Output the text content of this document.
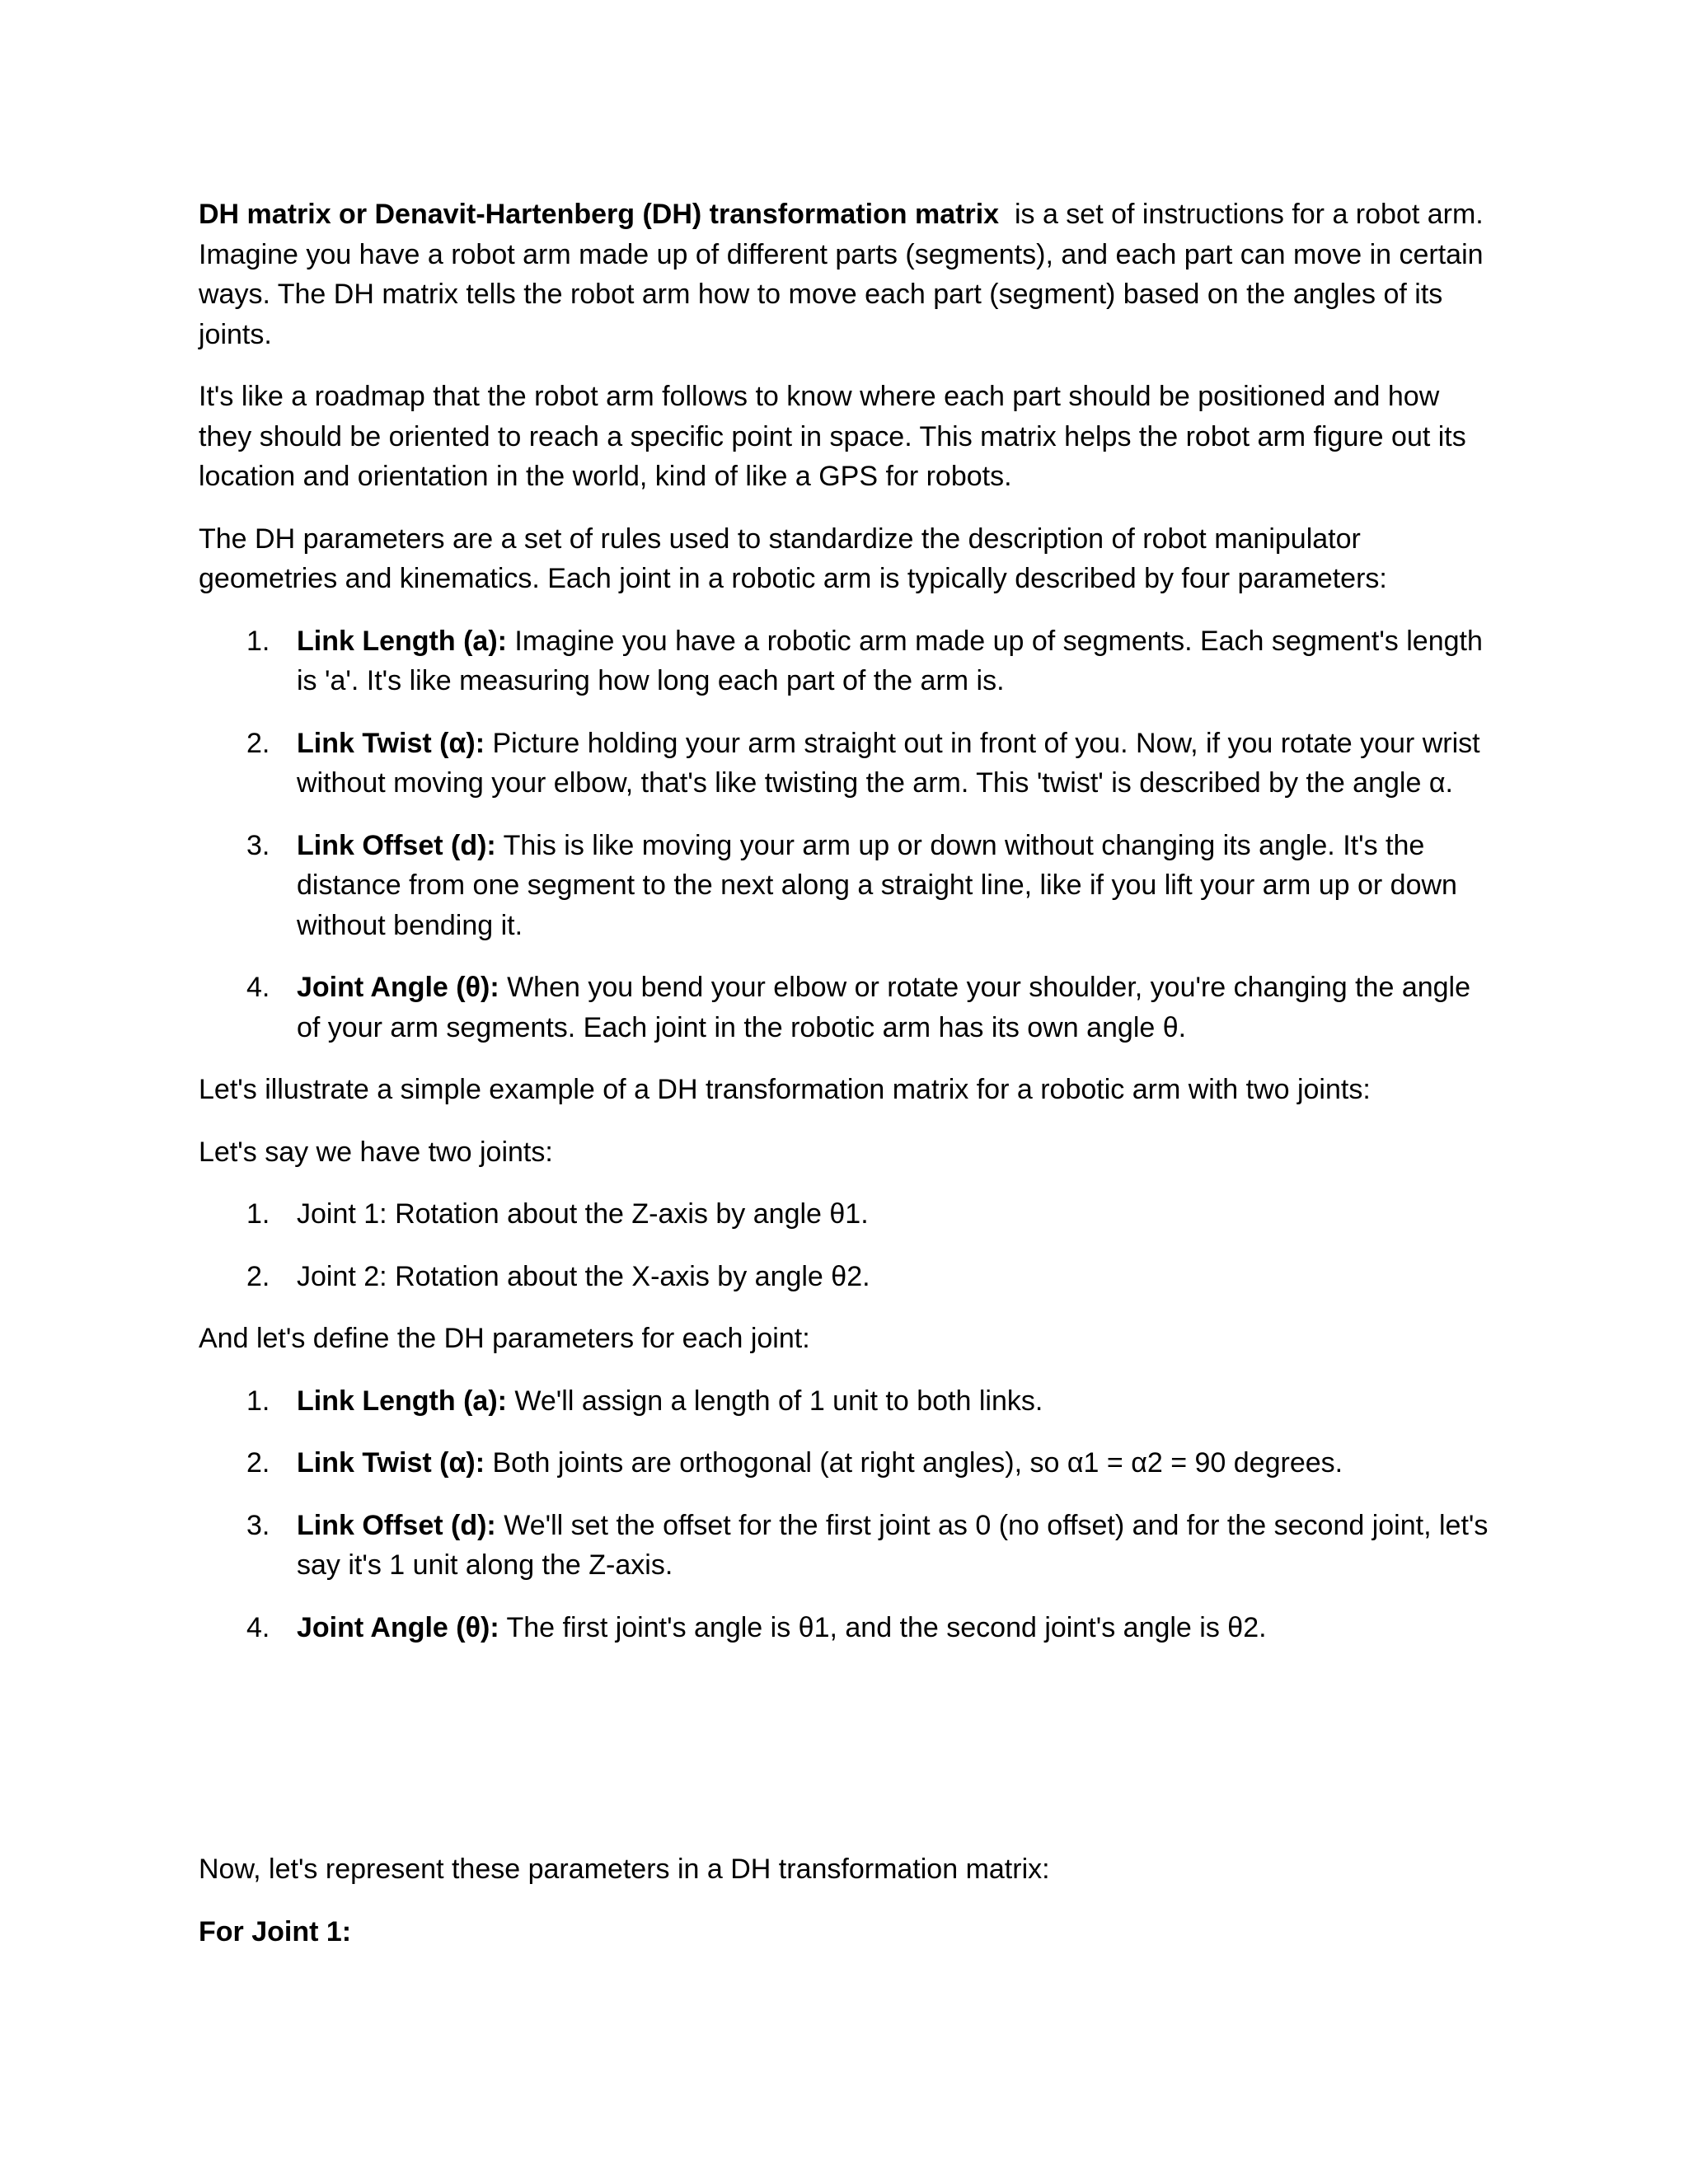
DH matrix or Denavit-Hartenberg (DH) transformation matrix  is a set of instructions for a robot arm. Imagine you have a robot arm made up of different parts (segments), and each part can move in certain ways. The DH matrix tells the robot arm how to move each part (segment) based on the angles of its joints.

It's like a roadmap that the robot arm follows to know where each part should be positioned and how they should be oriented to reach a specific point in space. This matrix helps the robot arm figure out its location and orientation in the world, kind of like a GPS for robots.

The DH parameters are a set of rules used to standardize the description of robot manipulator geometries and kinematics. Each joint in a robotic arm is typically described by four parameters:

1. Link Length (a): Imagine you have a robotic arm made up of segments. Each segment's length is 'a'. It's like measuring how long each part of the arm is.
2. Link Twist (α): Picture holding your arm straight out in front of you. Now, if you rotate your wrist without moving your elbow, that's like twisting the arm. This 'twist' is described by the angle α.
3. Link Offset (d): This is like moving your arm up or down without changing its angle. It's the distance from one segment to the next along a straight line, like if you lift your arm up or down without bending it.
4. Joint Angle (θ): When you bend your elbow or rotate your shoulder, you're changing the angle of your arm segments. Each joint in the robotic arm has its own angle θ.

Let's illustrate a simple example of a DH transformation matrix for a robotic arm with two joints:

Let's say we have two joints:

1. Joint 1: Rotation about the Z-axis by angle θ1.
2. Joint 2: Rotation about the X-axis by angle θ2.

And let's define the DH parameters for each joint:

1. Link Length (a): We'll assign a length of 1 unit to both links.
2. Link Twist (α): Both joints are orthogonal (at right angles), so α1 = α2 = 90 degrees.
3. Link Offset (d): We'll set the offset for the first joint as 0 (no offset) and for the second joint, let's say it's 1 unit along the Z-axis.
4. Joint Angle (θ): The first joint's angle is θ1, and the second joint's angle is θ2.

Now, let's represent these parameters in a DH transformation matrix:

For Joint 1:
